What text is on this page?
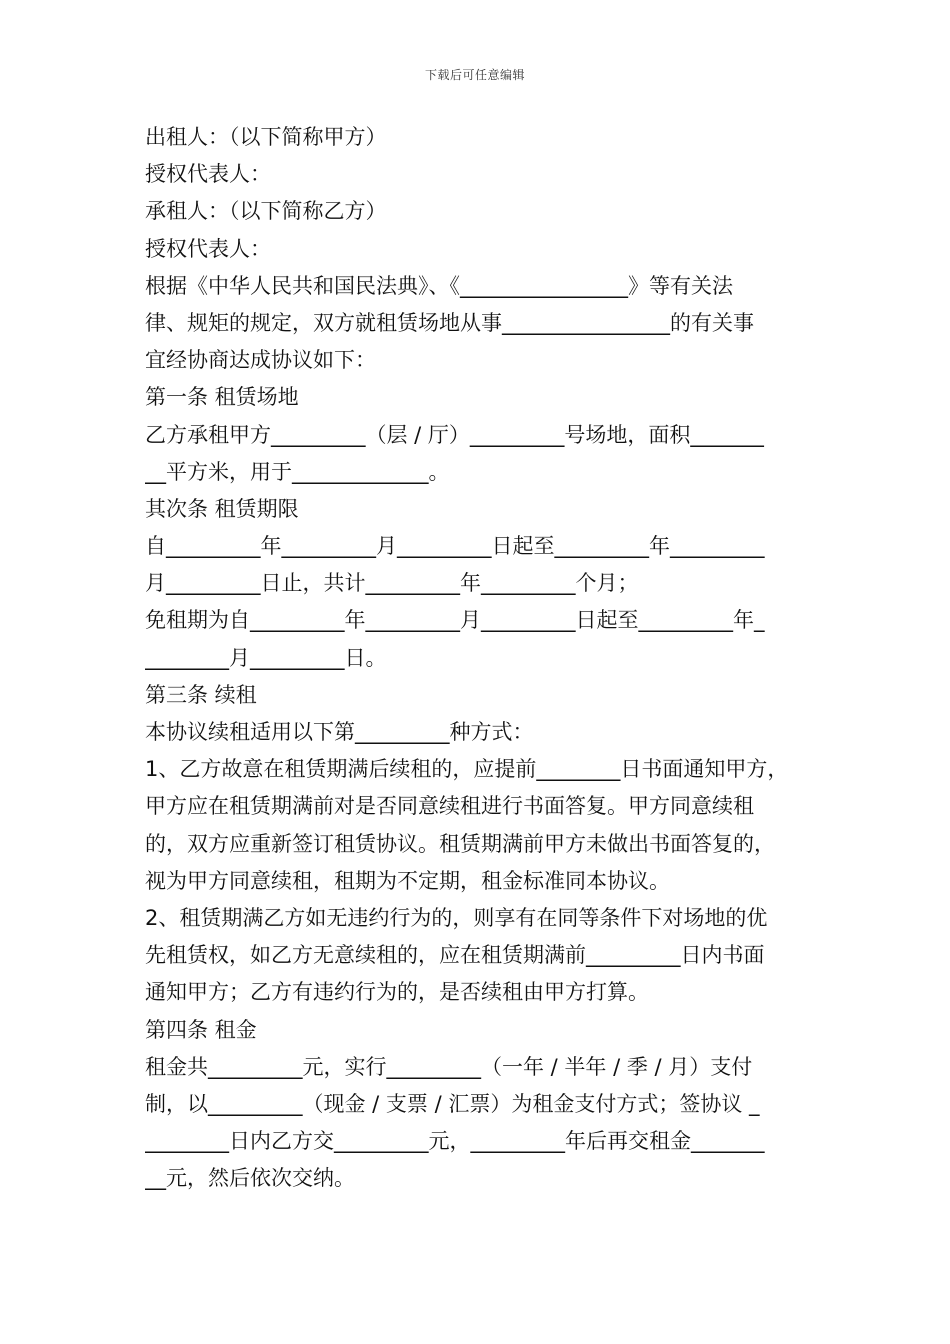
下载后可任意编辑
出租人：（以下简称甲方）
授权代表人：
承租人：（以下简称乙方）
授权代表人：
根据《中华人民共和国民法典》、《________________》等有关法
律、规矩的规定，双方就租赁场地从事________________的有关事
宜经协商达成协议如下：
第一条 租赁场地
乙方承租甲方_________（层 / 厅）_________号场地，面积_______
__平方米，用于_____________。
其次条 租赁期限
自_________年_________月_________日起至_________年_________
月_________日止，共计_________年_________个月；
免租期为自_________年_________月_________日起至_________年_
________月_________日。
第三条 续租
本协议续租适用以下第_________种方式：
1、乙方故意在租赁期满后续租的，应提前________日书面通知甲方，
甲方应在租赁期满前对是否同意续租进行书面答复。甲方同意续租
的，双方应重新签订租赁协议。租赁期满前甲方未做出书面答复的，
视为甲方同意续租，租期为不定期，租金标准同本协议。
2、租赁期满乙方如无违约行为的，则享有在同等条件下对场地的优
先租赁权，如乙方无意续租的，应在租赁期满前_________日内书面
通知甲方；乙方有违约行为的，是否续租由甲方打算。
第四条 租金
租金共_________元，实行_________（一年 / 半年 / 季 / 月）支付
制，以_________（现金 / 支票 / 汇票）为租金支付方式；签协议 _
________日内乙方交_________元，_________年后再交租金_______
__元，然后依次交纳。
